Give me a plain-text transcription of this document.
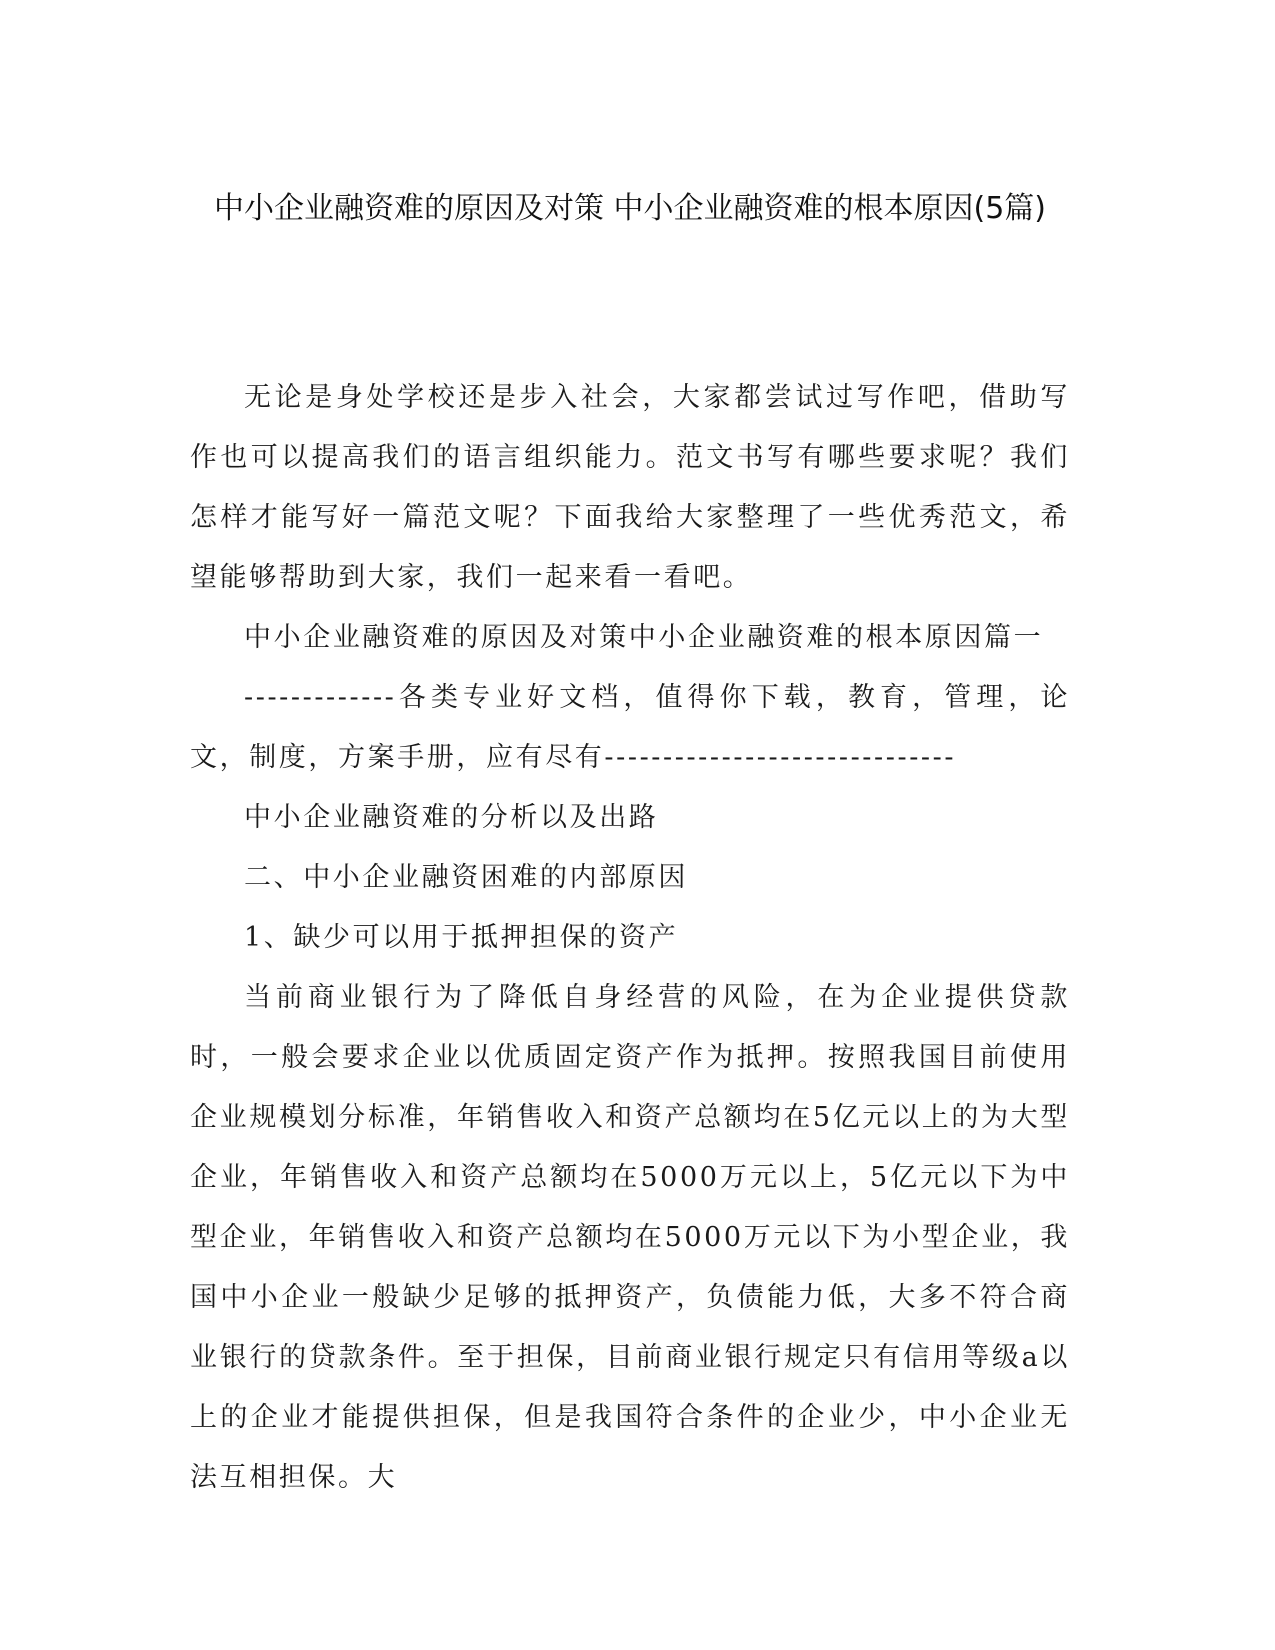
中小企业融资难的原因及对策 中小企业融资难的根本原因(5篇)

无论是身处学校还是步入社会，大家都尝试过写作吧，借助写作也可以提高我们的语言组织能力。范文书写有哪些要求呢？我们怎样才能写好一篇范文呢？下面我给大家整理了一些优秀范文，希望能够帮助到大家，我们一起来看一看吧。

中小企业融资难的原因及对策中小企业融资难的根本原因篇一

-------------各类专业好文档，值得你下载，教育，管理，论文，制度，方案手册，应有尽有------------------------------

中小企业融资难的分析以及出路

二、中小企业融资困难的内部原因

1、缺少可以用于抵押担保的资产

当前商业银行为了降低自身经营的风险，在为企业提供贷款时，一般会要求企业以优质固定资产作为抵押。按照我国目前使用企业规模划分标准，年销售收入和资产总额均在5亿元以上的为大型企业，年销售收入和资产总额均在5000万元以上，5亿元以下为中型企业，年销售收入和资产总额均在5000万元以下为小型企业，我国中小企业一般缺少足够的抵押资产，负债能力低，大多不符合商业银行的贷款条件。至于担保，目前商业银行规定只有信用等级a以上的企业才能提供担保，但是我国符合条件的企业少，中小企业无法互相担保。大
